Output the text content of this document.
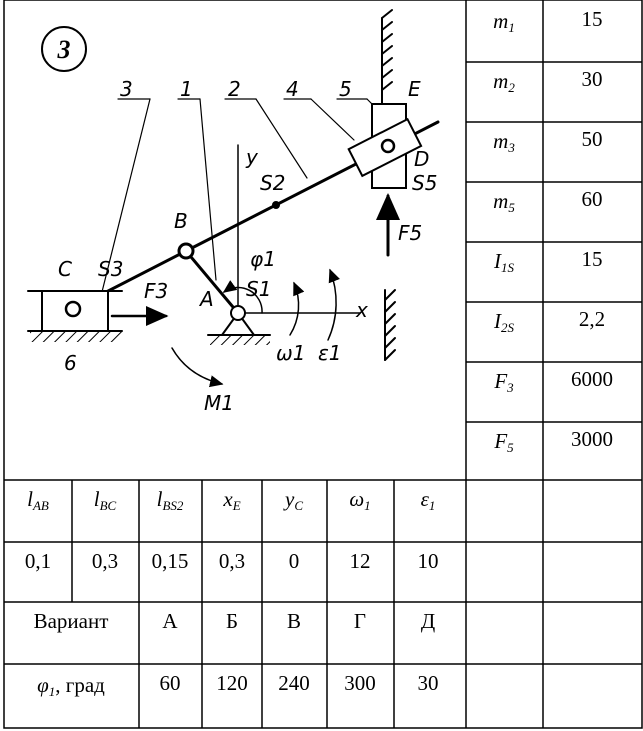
m1	15
m2	30
m3	50
m5	60
I1S	15
I2S	2,2
F3	6000
F5	3000
lAB lBC lBS2 xE yC ω1 ε1
0,1 0,3 0,15 0,3 0 12 10
Вариант	А Б В	Г	Д
φ1, град	60 120 240 300 30
3
3 1 2 4 5	E
y	D
S5
S2
F5
B
φ1
C S3
F3 A S1
x
6	ω1 ε1
M1
